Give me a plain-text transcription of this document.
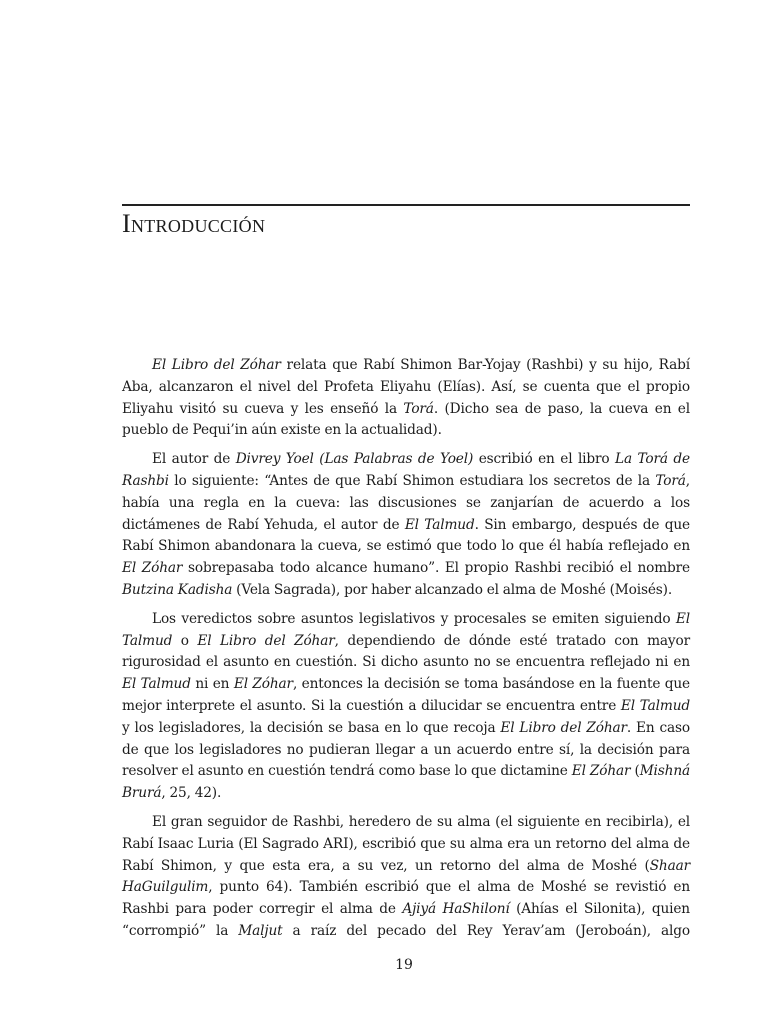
Introducción

El Libro del Zóhar relata que Rabí Shimon Bar-Yojay (Rashbi) y su hijo, Rabí Aba, alcanzaron el nivel del Profeta Eliyahu (Elías). Así, se cuenta que el propio Eliyahu visitó su cueva y les enseñó la Torá. (Dicho sea de paso, la cueva en el pueblo de Pequi’in aún existe en la actualidad).

El autor de Divrey Yoel (Las Palabras de Yoel) escribió en el libro La Torá de Rashbi lo siguiente: “Antes de que Rabí Shimon estudiara los secretos de la Torá, había una regla en la cueva: las discusiones se zanjarían de acuerdo a los dictámenes de Rabí Yehuda, el autor de El Talmud. Sin embargo, después de que Rabí Shimon abandonara la cueva, se estimó que todo lo que él había reflejado en El Zóhar sobrepasaba todo alcance humano”. El propio Rashbi recibió el nombre Butzina Kadisha (Vela Sagrada), por haber alcanzado el alma de Moshé (Moisés).

Los veredictos sobre asuntos legislativos y procesales se emiten siguiendo El Talmud o El Libro del Zóhar, dependiendo de dónde esté tratado con mayor rigurosidad el asunto en cuestión. Si dicho asunto no se encuentra reflejado ni en El Talmud ni en El Zóhar, entonces la decisión se toma basándose en la fuente que mejor interprete el asunto. Si la cuestión a dilucidar se encuentra entre El Talmud y los legisladores, la decisión se basa en lo que recoja El Libro del Zóhar. En caso de que los legisladores no pudieran llegar a un acuerdo entre sí, la decisión para resolver el asunto en cuestión tendrá como base lo que dictamine El Zóhar (Mishná Brurá, 25, 42).

El gran seguidor de Rashbi, heredero de su alma (el siguiente en recibirla), el Rabí Isaac Luria (El Sagrado ARI), escribió que su alma era un retorno del alma de Rabí Shimon, y que esta era, a su vez, un retorno del alma de Moshé (Shaar HaGuilgulim, punto 64). También escribió que el alma de Moshé se revistió en Rashbi para poder corregir el alma de Ajiyá HaShiloní (Ahías el Silonita), quien “corrompió” la Maljut a raíz del pecado del Rey Yerav’am (Jeroboán), algo

19
